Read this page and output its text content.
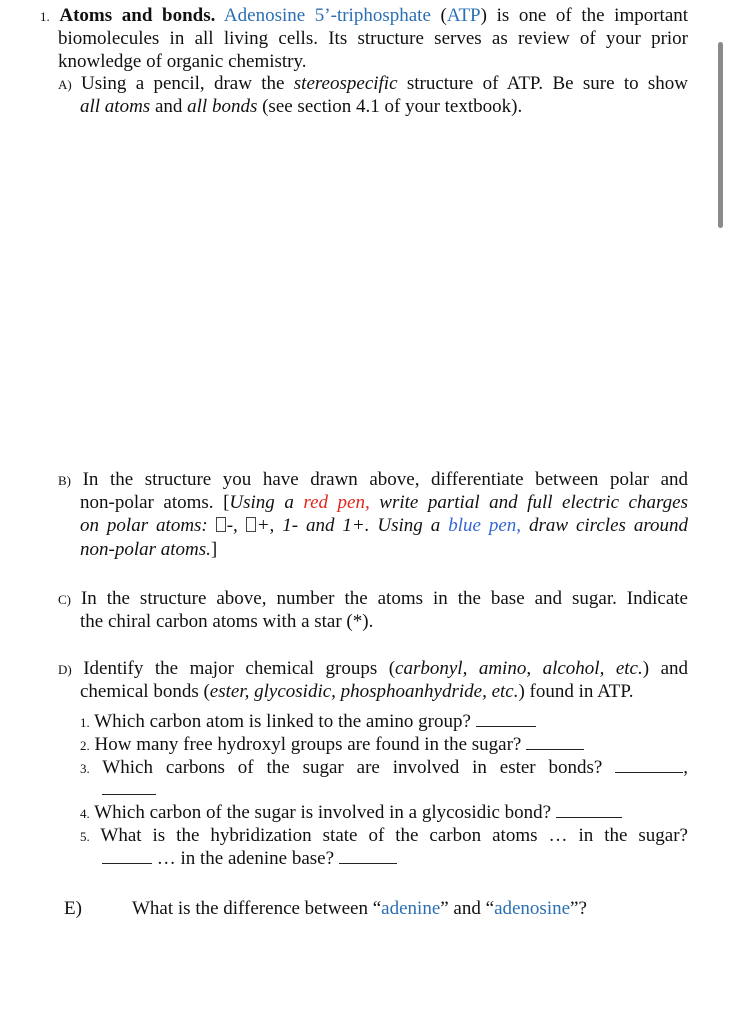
1. Atoms and bonds. Adenosine 5’-triphosphate (ATP) is one of the important
biomolecules in all living cells. Its structure serves as review of your prior
knowledge of organic chemistry.
A) Using a pencil, draw the stereospecific structure of ATP. Be sure to show
all atoms and all bonds (see section 4.1 of your textbook).
B) In the structure you have drawn above, differentiate between polar and
non-polar atoms. [Using a red pen, write partial and full electric charges
on polar atoms: -, +, 1- and 1+. Using a blue pen, draw circles around
non-polar atoms.]
C) In the structure above, number the atoms in the base and sugar. Indicate
the chiral carbon atoms with a star (*).
D) Identify the major chemical groups (carbonyl, amino, alcohol, etc.) and
chemical bonds (ester, glycosidic, phosphoanhydride, etc.) found in ATP.
1. Which carbon atom is linked to the amino group?
2. How many free hydroxyl groups are found in the sugar?
3. Which carbons of the sugar are involved in ester bonds?	,
4. Which carbon of the sugar is involved in a glycosidic bond?
5. What is the hybridization state of the carbon atoms … in the sugar?
… in the adenine base?
E)	What is the difference between “adenine” and “adenosine”?
